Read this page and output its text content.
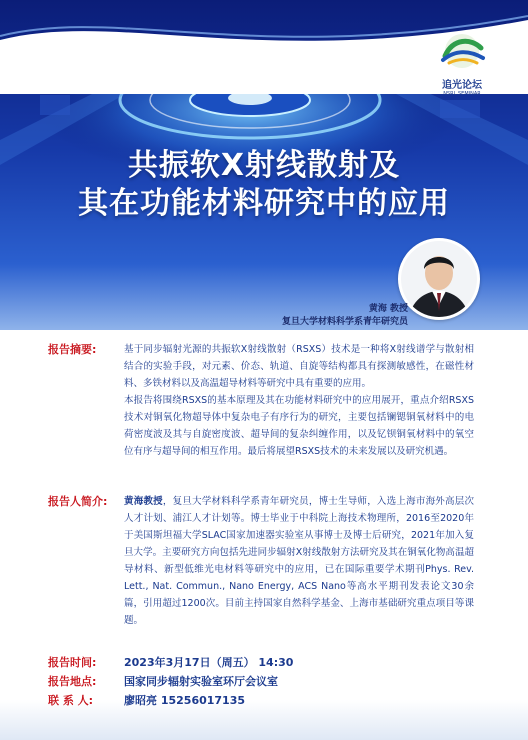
共振软X射线散射及
其在功能材料研究中的应用
追光论坛
NSRL SEMINAR
黄海 教授
复旦大学材料科学系青年研究员
报告摘要:	基于同步辐射光源的共振软X射线散射（RSXS）技术是一种将X射线谱学与散射相结合的实验手段，对元素、价态、轨道、自旋等结构都具有探测敏感性，在磁性材料、多铁材料以及高温超导材料等研究中具有重要的应用。

本报告将围绕RSXS的基本原理及其在功能材料研究中的应用展开，重点介绍RSXS技术对铜氧化物超导体中复杂电子有序行为的研究，主要包括镧锶铜氧材料中的电荷密度波及其与自旋密度波、超导间的复杂纠缠作用，以及钇钡铜氧材料中的氧空位有序与超导间的相互作用。最后将展望RSXS技术的未来发展以及研究机遇。

报告人简介:	黄海教授，复旦大学材料科学系青年研究员，博士生导师，入选上海市海外高层次人才计划、浦江人才计划等。博士毕业于中科院上海技术物理所，2016至2020年于美国斯坦福大学SLAC国家加速器实验室从事博士及博士后研究，2021年加入复旦大学。主要研究方向包括先进同步辐射X射线散射方法研究及其在铜氧化物高温超导材料、新型低维光电材料等研究中的应用，已在国际重要学术期刊Phys. Rev. Lett., Nat. Commun., Nano Energy, ACS Nano等高水平期刊发表论文30余篇，引用超过1200次。目前主持国家自然科学基金、上海市基础研究重点项目等课题。

报告时间:	2023年3月17日（周五） 14:30
报告地点:	国家同步辐射实验室环厅会议室
联 系 人:	廖昭亮 15256017135
